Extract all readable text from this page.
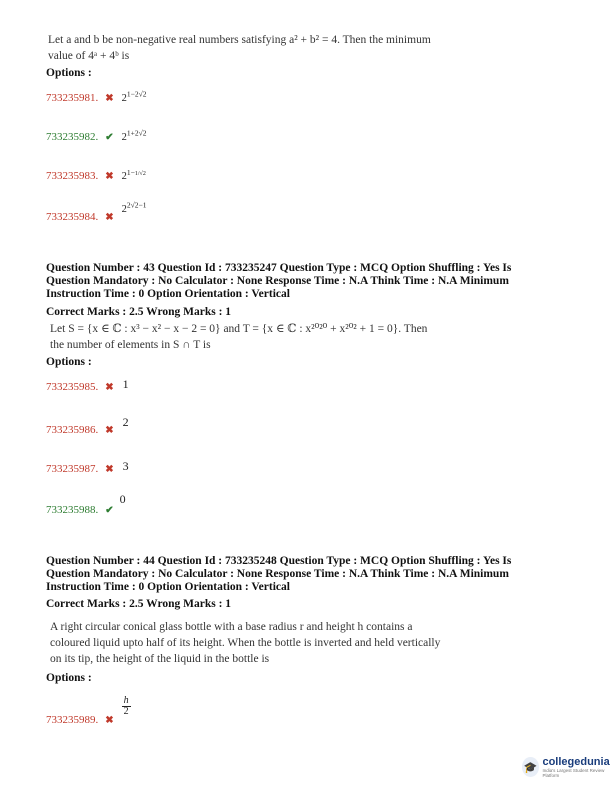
Let a and b be non-negative real numbers satisfying a² + b² = 4. Then the minimum
value of 4ᵃ + 4ᵇ is
Options :
733235981. ✖ $2^{1-2√2}$
733235982. ✔ $2^{1+2√2}$
733235983. ✖ $2^{1-1/√2}$
733235984. ✖ $^{2^{2√2-1}}$
Question Number : 43 Question Id : 733235247 Question Type : MCQ Option Shuffling : Yes Is
Question Mandatory : No Calculator : None Response Time : N.A Think Time : N.A Minimum
Instruction Time : 0 Option Orientation : Vertical
Correct Marks : 2.5 Wrong Marks : 1
Let S = {x ∈ ℂ : x³ − x² − x − 2 = 0} and T = {x ∈ ℂ : x²⁰²⁰ + x²⁰² + 1 = 0}. Then
the number of elements in S ∩ T is
Options :
733235985. ✖ 1
733235986. ✖ $^2$
733235987. ✖ 3
733235988. ✔ $^0$
Question Number : 44 Question Id : 733235248 Question Type : MCQ Option Shuffling : Yes Is
Question Mandatory : No Calculator : None Response Time : N.A Think Time : N.A Minimum
Instruction Time : 0 Option Orientation : Vertical
Correct Marks : 2.5 Wrong Marks : 1
A right circular conical glass bottle with a base radius r and height h contains a
coloured liquid upto half of its height. When the bottle is inverted and held vertically
on its tip, the height of the liquid in the bottle is
Options :
$_{733235989.}$ ✖
$\frac{h}{2}$
🎓 collegedunia
India's Largest Student Review Platform
